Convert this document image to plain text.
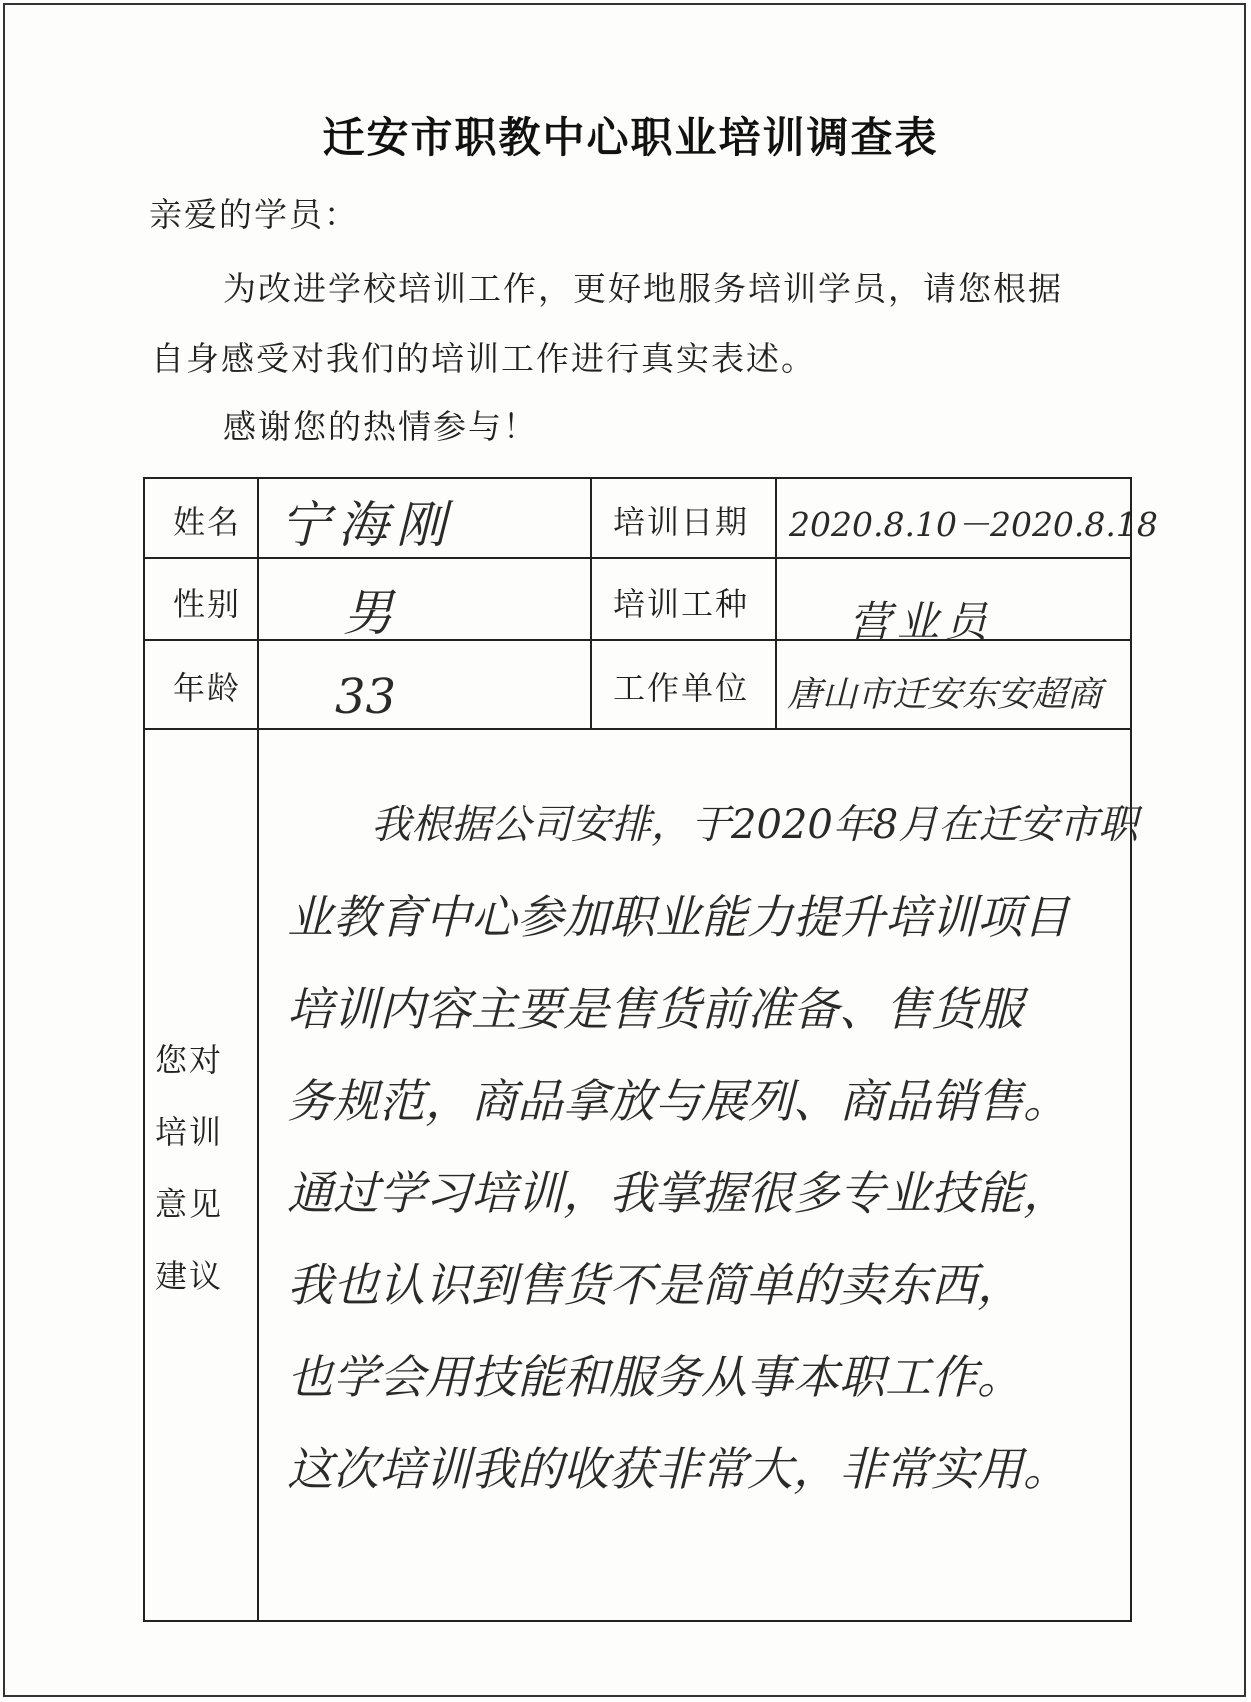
迁安市职教中心职业培训调查表
亲爱的学员：
为改进学校培训工作，更好地服务培训学员，请您根据
自身感受对我们的培训工作进行真实表述。
感谢您的热情参与！
姓名 宁海刚	培训日期 2020.8.10－2020.8.18
性别 男	培训工种 营业员
年龄 33	工作单位 唐山市迁安东安超商
您对
培训
意见
建议
我根据公司安排，于2020年8月在迁安市职
业教育中心参加职业能力提升培训项目
培训内容主要是售货前准备、售货服
务规范，商品拿放与展列、商品销售。
通过学习培训，我掌握很多专业技能，
我也认识到售货不是简单的卖东西，
也学会用技能和服务从事本职工作。
这次培训我的收获非常大，非常实用。
